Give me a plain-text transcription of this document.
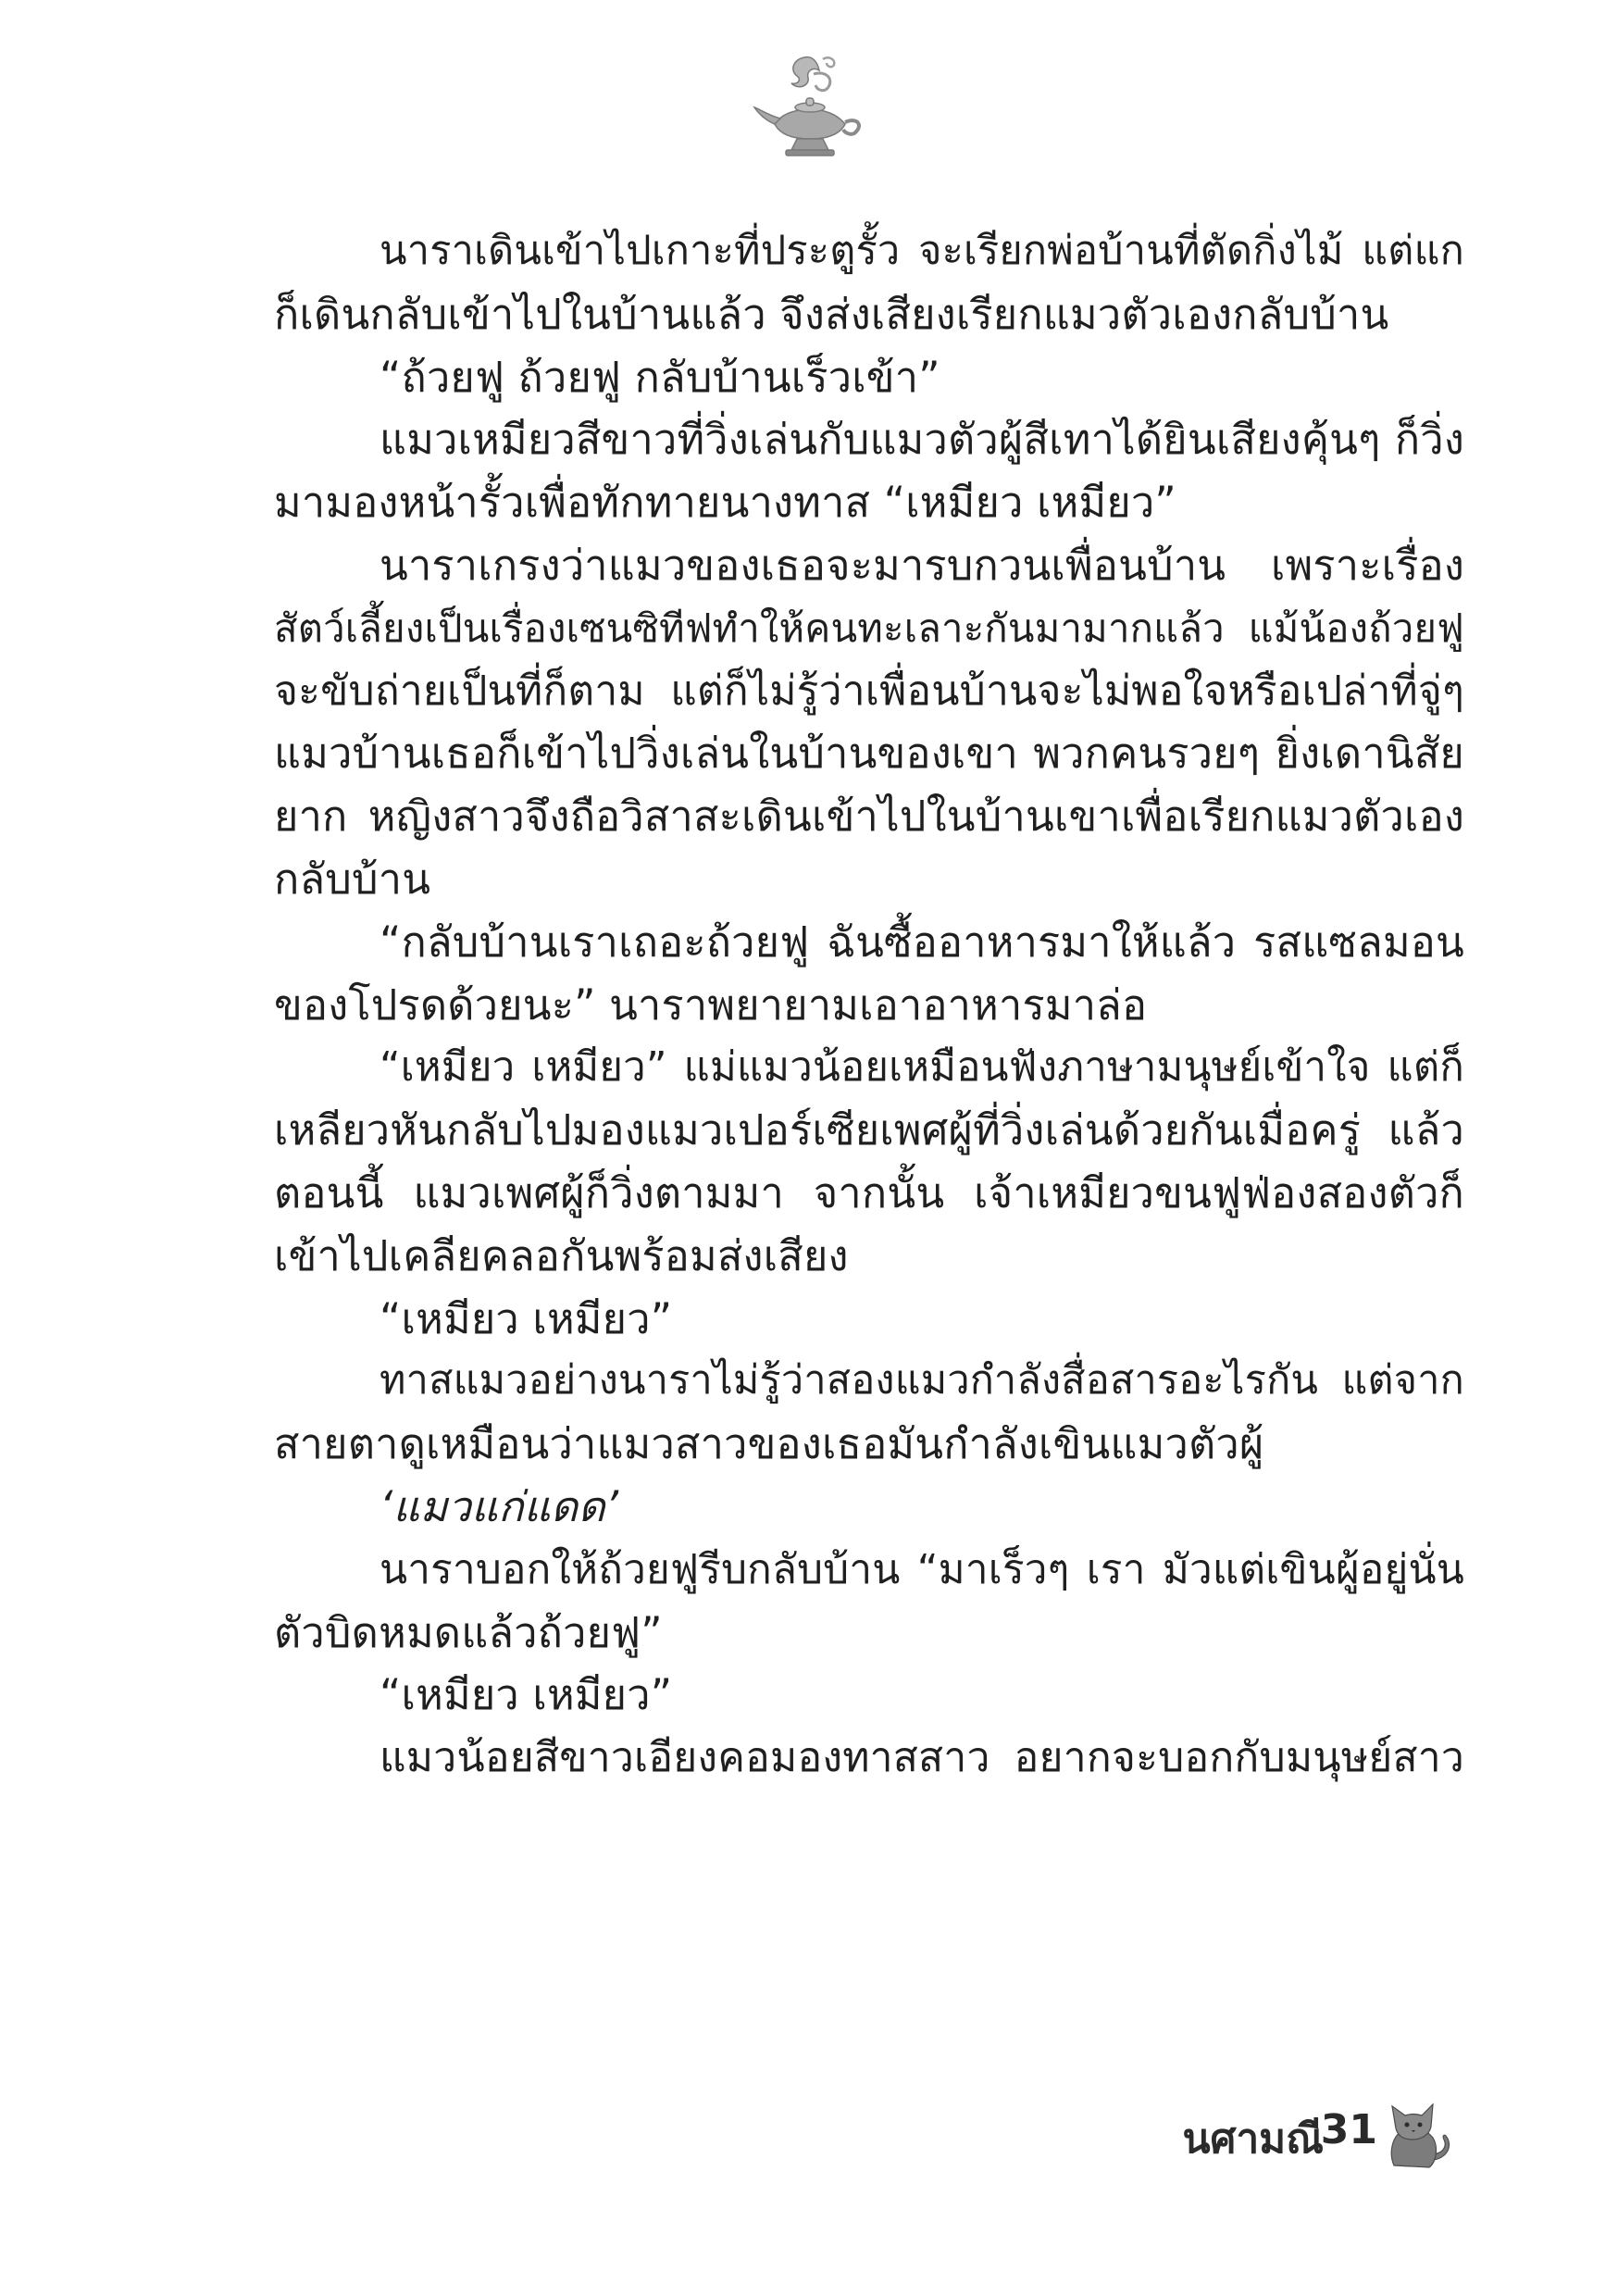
นาราเดินเข้าไปเกาะที่ประตูรั้ว จะเรียกพ่อบ้านที่ตัดกิ่งไม้ แต่แก
ก็เดินกลับเข้าไปในบ้านแล้ว จึงส่งเสียงเรียกแมวตัวเองกลับบ้าน
“ถ้วยฟู ถ้วยฟู กลับบ้านเร็วเข้า”
แมวเหมียวสีขาวที่วิ่งเล่นกับแมวตัวผู้สีเทาได้ยินเสียงคุ้นๆ ก็วิ่ง
มามองหน้ารั้วเพื่อทักทายนางทาส “เหมียว เหมียว”
นาราเกรงว่าแมวของเธอจะมารบกวนเพื่อนบ้าน เพราะเรื่อง
สัตว์เลี้ยงเป็นเรื่องเซนซิทีฟทำให้คนทะเลาะกันมามากแล้ว แม้น้องถ้วยฟู
จะขับถ่ายเป็นที่ก็ตาม แต่ก็ไม่รู้ว่าเพื่อนบ้านจะไม่พอใจหรือเปล่าที่จู่ๆ
แมวบ้านเธอก็เข้าไปวิ่งเล่นในบ้านของเขา พวกคนรวยๆ ยิ่งเดานิสัย
ยาก หญิงสาวจึงถือวิสาสะเดินเข้าไปในบ้านเขาเพื่อเรียกแมวตัวเอง
กลับบ้าน
“กลับบ้านเราเถอะถ้วยฟู ฉันซื้ออาหารมาให้แล้ว รสแซลมอน
ของโปรดด้วยนะ” นาราพยายามเอาอาหารมาล่อ
“เหมียว เหมียว” แม่แมวน้อยเหมือนฟังภาษามนุษย์เข้าใจ แต่ก็
เหลียวหันกลับไปมองแมวเปอร์เซียเพศผู้ที่วิ่งเล่นด้วยกันเมื่อครู่ แล้ว
ตอนนี้ แมวเพศผู้ก็วิ่งตามมา จากนั้น เจ้าเหมียวขนฟูฟ่องสองตัวก็
เข้าไปเคลียคลอกันพร้อมส่งเสียง
“เหมียว เหมียว”
ทาสแมวอย่างนาราไม่รู้ว่าสองแมวกำลังสื่อสารอะไรกัน แต่จาก
สายตาดูเหมือนว่าแมวสาวของเธอมันกำลังเขินแมวตัวผู้
‘แมวแก่แดด’
นาราบอกให้ถ้วยฟูรีบกลับบ้าน “มาเร็วๆ เรา มัวแต่เขินผู้อยู่นั่น
ตัวบิดหมดแล้วถ้วยฟู”
“เหมียว เหมียว”
แมวน้อยสีขาวเอียงคอมองทาสสาว อยากจะบอกกับมนุษย์สาว
นศามณี
31
